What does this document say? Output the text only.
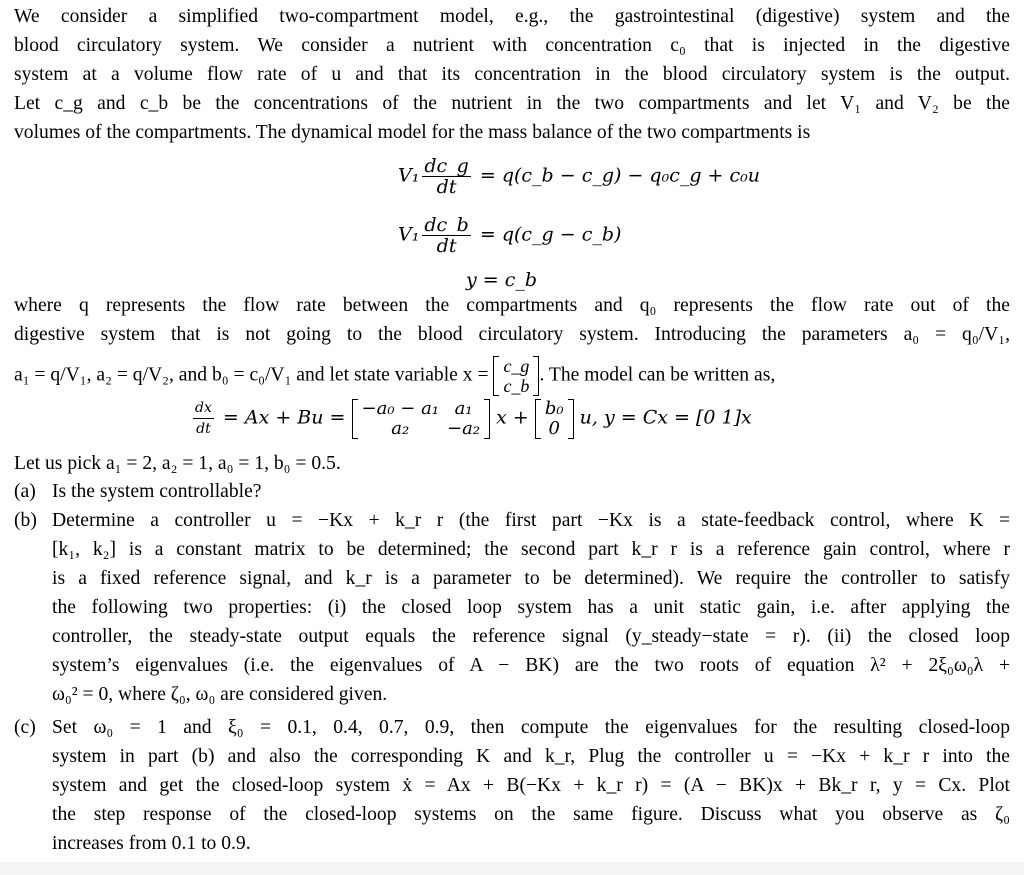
We consider a simplified two-compartment model, e.g., the gastrointestinal (digestive) system and the
blood circulatory system. We consider a nutrient with concentration c₀ that is injected in the digestive
system at a volume flow rate of u and that its concentration in the blood circulatory system is the output.
Let c_g and c_b be the concentrations of the nutrient in the two compartments and let V₁ and V₂ be the
volumes of the compartments. The dynamical model for the mass balance of the two compartments is
$V_1 \frac{dc\_g}{dt}$ = q(c_b − c_g) − q₀c_g + c₀u
$V_1 \frac{dc\_b}{dt}$ = q(c_g − c_b)
y = c_b
where q represents the flow rate between the compartments and q₀ represents the flow rate out of the
digestive system that is not going to the blood circulatory system. Introducing the parameters a₀ = q₀/V₁,
a₁ = q/V₁, a₂ = q/V₂, and b₀ = c₀/V₁ and let state variable x = c_g
c_b
. The model can be written as,
$\frac{dx}{dt} = Ax + Bu = -a_0 - a_1$	a₁
a₂	−a₂ x + b₀
0 u, y = Cx = [0 1]x
Let us pick a₁ = 2, a₂ = 1, a₀ = 1, b₀ = 0.5.
(a) Is the system controllable?
(b) Determine a controller u = −Kx + k_r r (the first part −Kx is a state-feedback control, where K =
[k₁, k₂] is a constant matrix to be determined; the second part k_r r is a reference gain control, where r
is a fixed reference signal, and k_r is a parameter to be determined). We require the controller to satisfy
the following two properties: (i) the closed loop system has a unit static gain, i.e. after applying the
controller, the steady-state output equals the reference signal (y_steady−state = r). (ii) the closed loop
system’s eigenvalues (i.e. the eigenvalues of A − BK) are the two roots of equation λ² + 2ξ₀ω₀λ +
ω₀² = 0, where ζ₀, ω₀ are considered given.
(c) Set ω₀ = 1 and ξ₀ = 0.1, 0.4, 0.7, 0.9, then compute the eigenvalues for the resulting closed-loop
system in part (b) and also the corresponding K and k_r, Plug the controller u = −Kx + k_r r into the
system and get the closed-loop system ẋ = Ax + B(−Kx + k_r r) = (A − BK)x + Bk_r r, y = Cx. Plot
the step response of the closed-loop systems on the same figure. Discuss what you observe as ζ₀
increases from 0.1 to 0.9.
